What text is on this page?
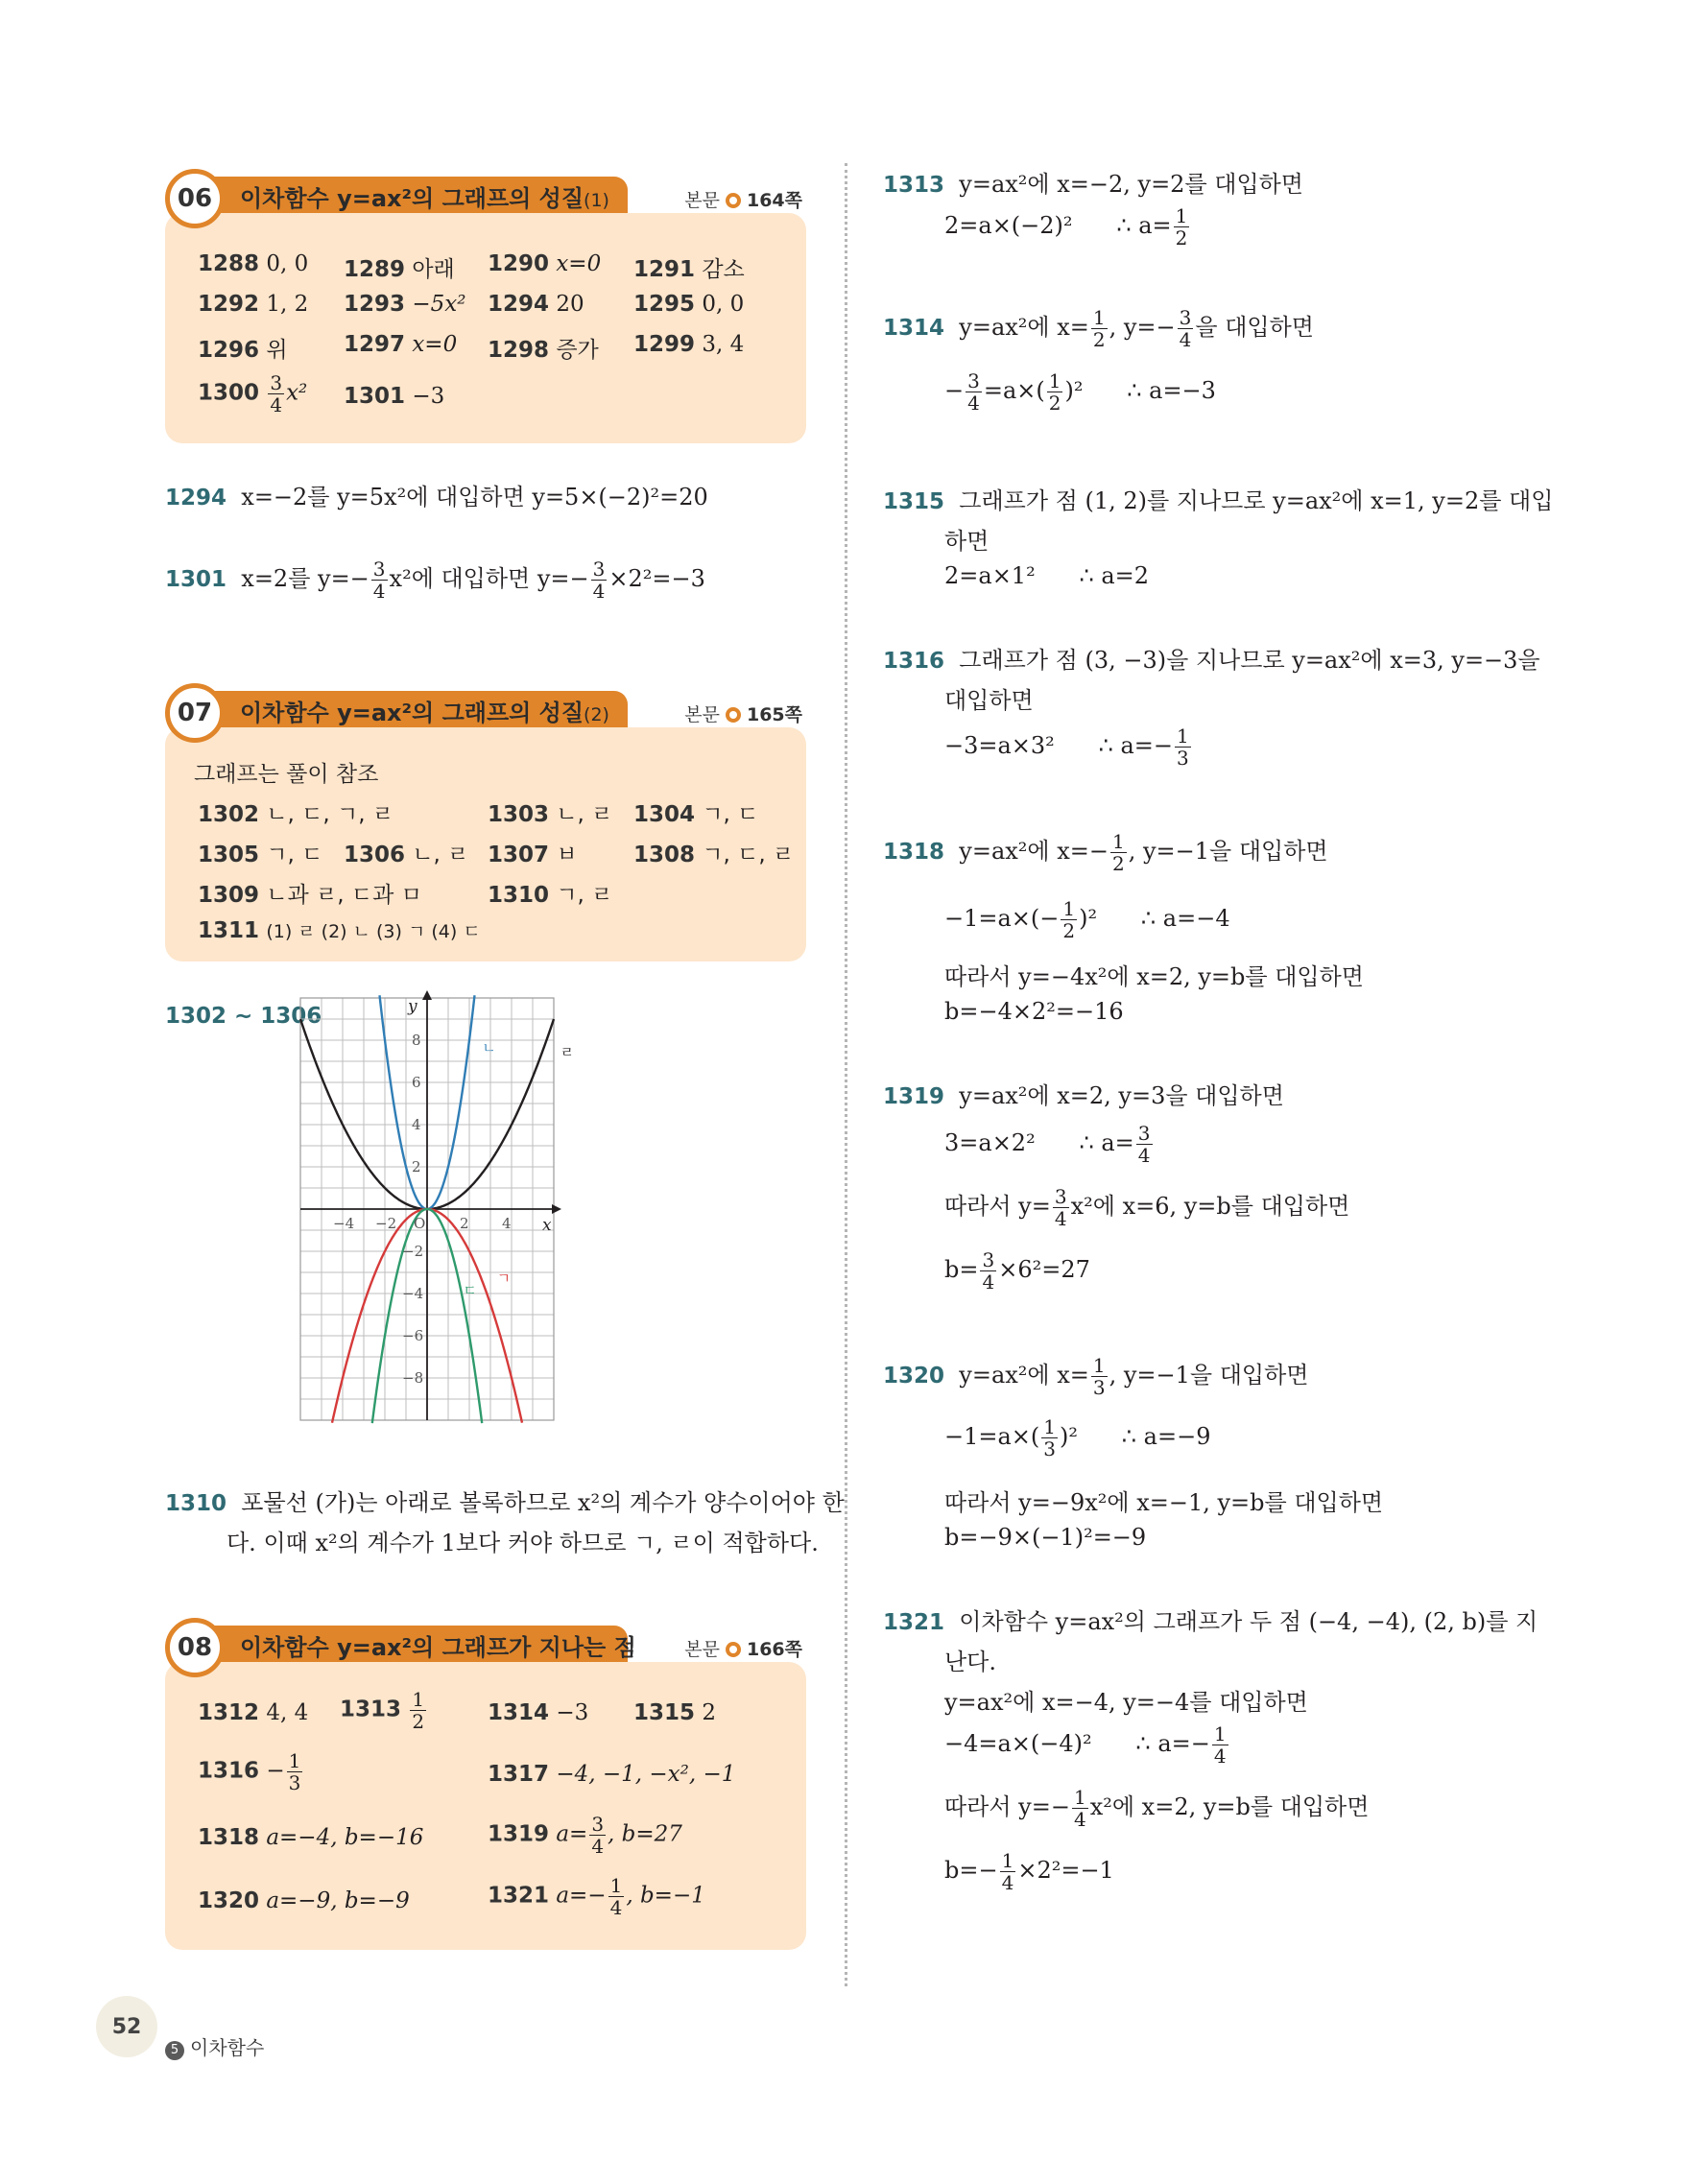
06	이차함수 y=ax²의 그래프의 성질(1)	본문 164쪽
1288 0, 0 1289 아래 1290 x=0 1291 감소
1292 1, 2 1293 −5x² 1294 20 1295 0, 0
1296 위	1297 x=0 1298 증가 1299 3, 4
$1300 \frac{3}{4} x^2$ 1301 −3
1294 x=−2를 y=5x²에 대입하면 y=5×(−2)²=20
1301 x=2를 $y=- \frac{3}{4} x^2$에 대입하면 $y=- \frac{3}{4} \times 2^2=-3$
07	이차함수 y=ax²의 그래프의 성질(2)	본문 165쪽
그래프는 풀이 참조
1302 ㄴ, ㄷ, ㄱ, ㄹ	1303 ㄴ, ㄹ 1304 ㄱ, ㄷ
1305 ㄱ, ㄷ 1306 ㄴ, ㄹ 1307 ㅂ	1308 ㄱ, ㄷ, ㄹ
1309 ㄴ과 ㄹ, ㄷ과 ㅁ	1310 ㄱ, ㄹ
1311 (1) ㄹ (2) ㄴ (3) ㄱ (4) ㄷ
1302 ~ 1306
−4 −2 O 2 4
8
6
4
2
−2
−4
−6
−8
x
y
ㄹ
ㄴ
ㄱ
ㄷ
1310 포물선 (가)는 아래로 볼록하므로 x²의 계수가 양수이어야 한
다. 이때 x²의 계수가 1보다 커야 하므로 ㄱ, ㄹ이 적합하다.
08	이차함수 y=ax²의 그래프가 지나는 점	본문 166쪽
1312 4, 4 $1313 \frac{1}{2}$	1314 −3 1315 2
$1316 - \frac{1}{3}$	1317 −4, −1, −x², −1
1318 a=−4, b=−16	1319 $a= \frac{3}{4}$ , b=27
1320 a=−9, b=−9	1321 $a=- \frac{1}{4}$ , b=−1
1313 y=ax²에 x=−2, y=2를 대입하면
2=a×(−2)² ∴ $a= \frac{1}{2}$
1314 y=ax²에 $x= \frac{1}{2}$ , $y=- \frac{3}{4}$ 을 대입하면
− $\frac{3}{4} =a\times( \frac{1}{2} )^2$ ∴ a=−3
1315 그래프가 점 (1, 2)를 지나므로 y=ax²에 x=1, y=2를 대입
하면
2=a×1² ∴ a=2
1316 그래프가 점 (3, −3)을 지나므로 y=ax²에 x=3, y=−3을
대입하면
−3=a×3² ∴ $a=- \frac{1}{3}$
1318 y=ax²에 $x=- \frac{1}{2}$ , y=−1을 대입하면
$-1=a\times(- \frac{1}{2} )^2$ ∴ a=−4
따라서 y=−4x²에 x=2, y=b를 대입하면
b=−4×2²=−16
1319 y=ax²에 x=2, y=3을 대입하면
3=a×2² ∴ $a= \frac{3}{4}$
따라서 $y= \frac{3}{4} x^2$에 x=6, y=b를 대입하면
$b= \frac{3}{4} \times 6^2=27$
1320 y=ax²에 $x= \frac{1}{3}$ , y=−1을 대입하면
$-1=a\times( \frac{1}{3} )^2$ ∴ a=−9
따라서 y=−9x²에 x=−1, y=b를 대입하면
b=−9×(−1)²=−9
1321 이차함수 y=ax²의 그래프가 두 점 (−4, −4), (2, b)를 지
난다.
y=ax²에 x=−4, y=−4를 대입하면
−4=a×(−4)² ∴ $a=- \frac{1}{4}$
따라서 $y=- \frac{1}{4} x^2$에 x=2, y=b를 대입하면
$b=- \frac{1}{4} \times 2^2=-1$
52
5 이차함수
